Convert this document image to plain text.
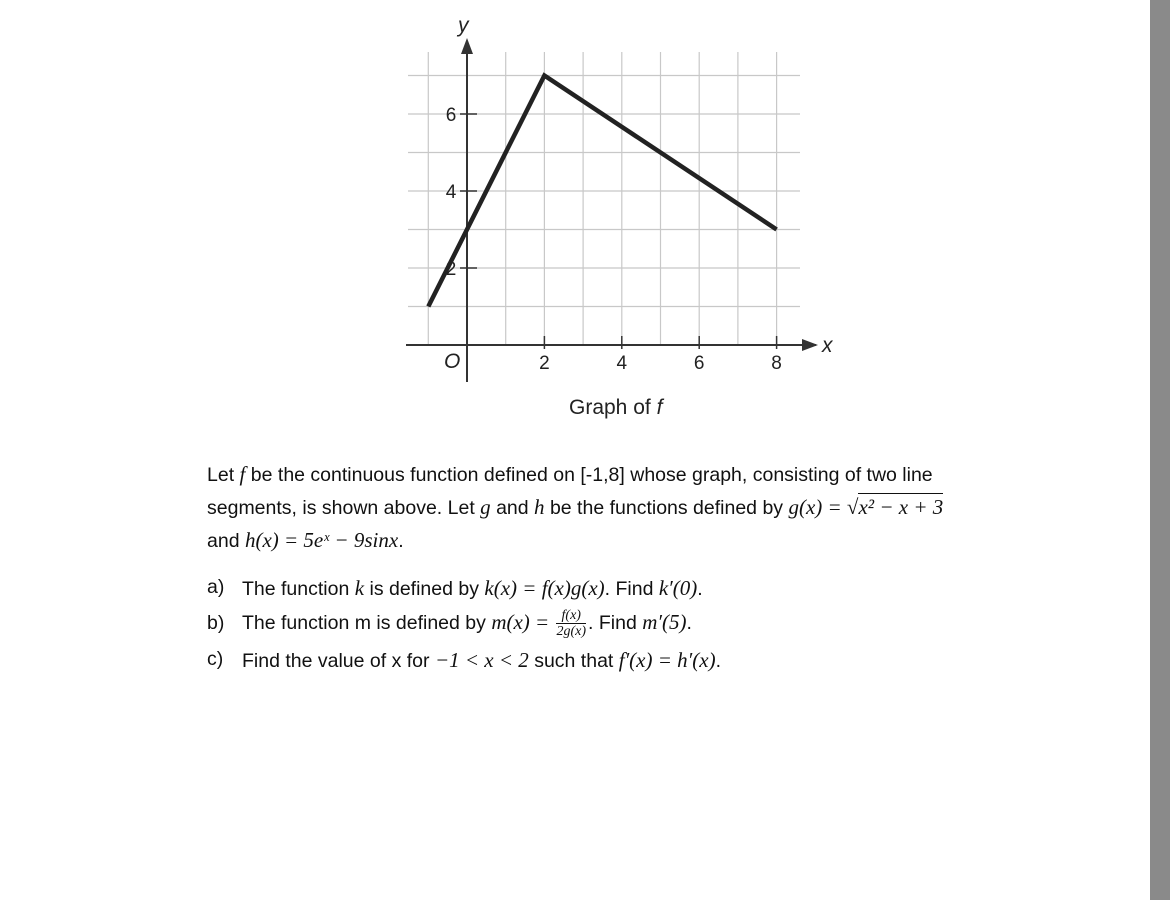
x
y
O	2	4	6	8
2
4
6
Graph of f
Let f be the continuous function defined on [-1,8] whose graph, consisting of two line
segments, is shown above. Let g and h be the functions defined by g(x) = √x² − x + 3
and h(x) = 5eˣ − 9sinx.
a) The function k is defined by k(x) = f(x)g(x). Find k′(0).
b) The function m is defined by $m(x) = \frac{f(x)}{2g(x)}$ . Find m′(5).
c) Find the value of x for −1 < x < 2 such that f′(x) = h′(x).
